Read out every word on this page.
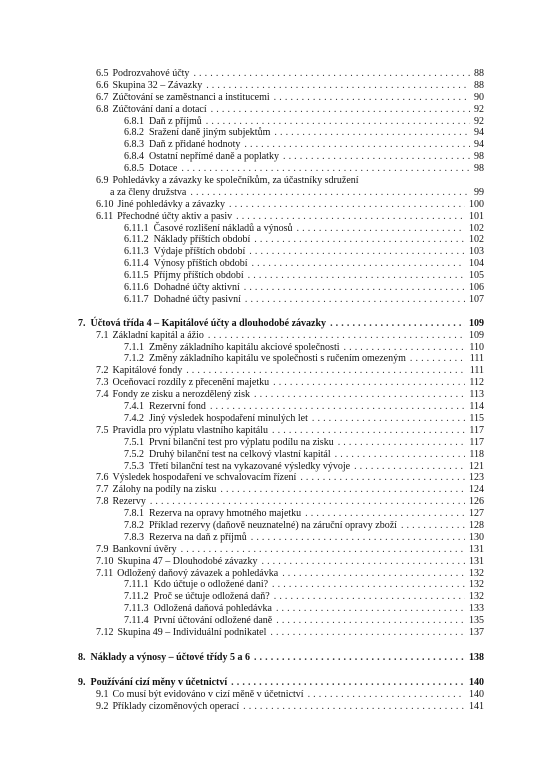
6.5 Podrozvahové účty . . .	88
6.6 Skupina 32 – Závazky . . .	88
6.7 Zúčtování se zaměstnanci a institucemi . . .	90
6.8 Zúčtování daní a dotací . . .	92
6.8.1 Daň z příjmů . . .	92
6.8.2 Sražení daně jiným subjektům . . .	94
6.8.3 Daň z přidané hodnoty . . .	94
6.8.4 Ostatní nepřímé daně a poplatky . . .	98
6.8.5 Dotace . . .	98
6.9 Pohledávky a závazky ke společníkům, za účastníky sdružení
a za členy družstva . . .	99
6.10 Jiné pohledávky a závazky . . .	100
6.11 Přechodné účty aktiv a pasiv . . .	101
6.11.1 Časové rozlišení nákladů a výnosů . . .	102
6.11.2 Náklady příštích období . . .	102
6.11.3 Výdaje příštích období . . .	103
6.11.4 Výnosy příštích období . . .	104
6.11.5 Příjmy příštích období . . .	105
6.11.6 Dohadné účty aktivní . . .	106
6.11.7 Dohadné účty pasivní . . .	107
7. Účtová třída 4 – Kapitálové účty a dlouhodobé závazky . . .	109
7.1 Základní kapitál a ážio . . .	109
7.1.1 Změny základního kapitálu akciové společnosti . . .	110
7.1.2 Změny základního kapitálu ve společnosti s ručením omezeným . . .	111
7.2 Kapitálové fondy . . .	111
7.3 Oceňovací rozdíly z přecenění majetku . . .	112
7.4 Fondy ze zisku a nerozdělený zisk . . .	113
7.4.1 Rezervní fond . . .	114
7.4.2 Jiný výsledek hospodaření minulých let . . .	115
7.5 Pravidla pro výplatu vlastního kapitálu . . .	117
7.5.1 První bilanční test pro výplatu podílu na zisku . . .	117
7.5.2 Druhý bilanční test na celkový vlastní kapitál . . .	118
7.5.3 Třetí bilanční test na vykazované výsledky vývoje . . .	121
7.6 Výsledek hospodaření ve schvalovacím řízení . . .	123
7.7 Zálohy na podíly na zisku . . .	124
7.8 Rezervy . . .	126
7.8.1 Rezerva na opravy hmotného majetku . . .	127
7.8.2 Příklad rezervy (daňově neuznatelné) na záruční opravy zboží . . .	128
7.8.3 Rezerva na daň z příjmů . . .	130
7.9 Bankovní úvěry . . .	131
7.10 Skupina 47 – Dlouhodobé závazky . . .	131
7.11 Odložený daňový závazek a pohledávka . . .	132
7.11.1 Kdo účtuje o odložené dani? . . .	132
7.11.2 Proč se účtuje odložená daň? . . .	132
7.11.3 Odložená daňová pohledávka . . .	133
7.11.4 První účtování odložené daně . . .	135
7.12 Skupina 49 – Individuální podnikatel . . .	137
8. Náklady a výnosy – účtové třídy 5 a 6 . . .	138
9. Používání cizí měny v účetnictví . . .	140
9.1 Co musí být evidováno v cizí měně v účetnictví . . .	140
9.2 Příklady cizoměnových operací . . .	141
